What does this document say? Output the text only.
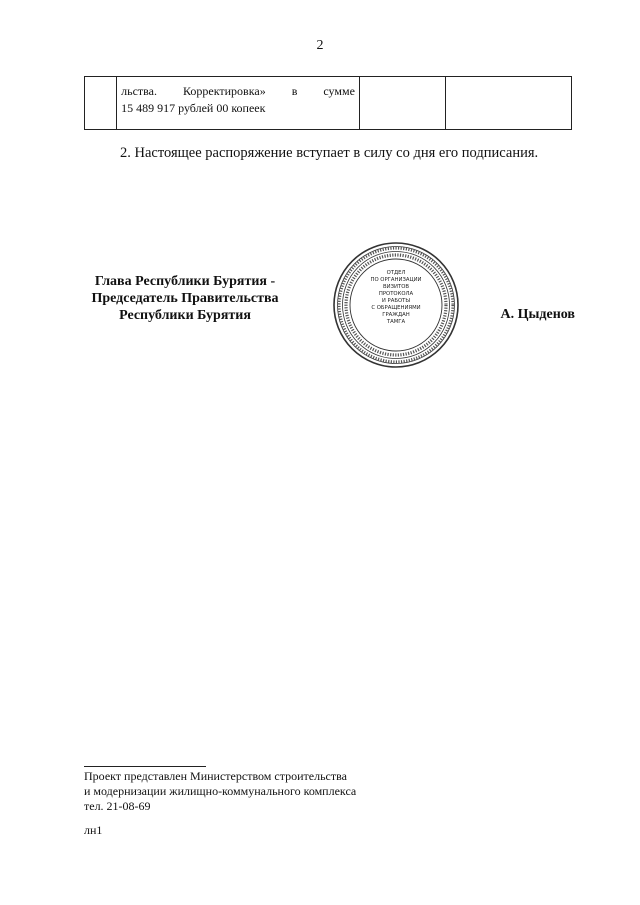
2

льства. Корректировка» в сумме
15 489 917 рублей 00 копеек

2. Настоящее распоряжение вступает в силу со дня его подписания.
Глава Республики Бурятия -
Председатель Правительства
Республики Бурятия
ОТДЕЛ
ПО ОРГАНИЗАЦИИ
ВИЗИТОВ
ПРОТОКОЛА
И РАБОТЫ
С ОБРАЩЕНИЯМИ
ГРАЖДАН
ТАМГА	А. Цыденов
Проект представлен Министерством строительства
и модернизации жилищно-коммунального комплекса
тел. 21-08-69
лн1
